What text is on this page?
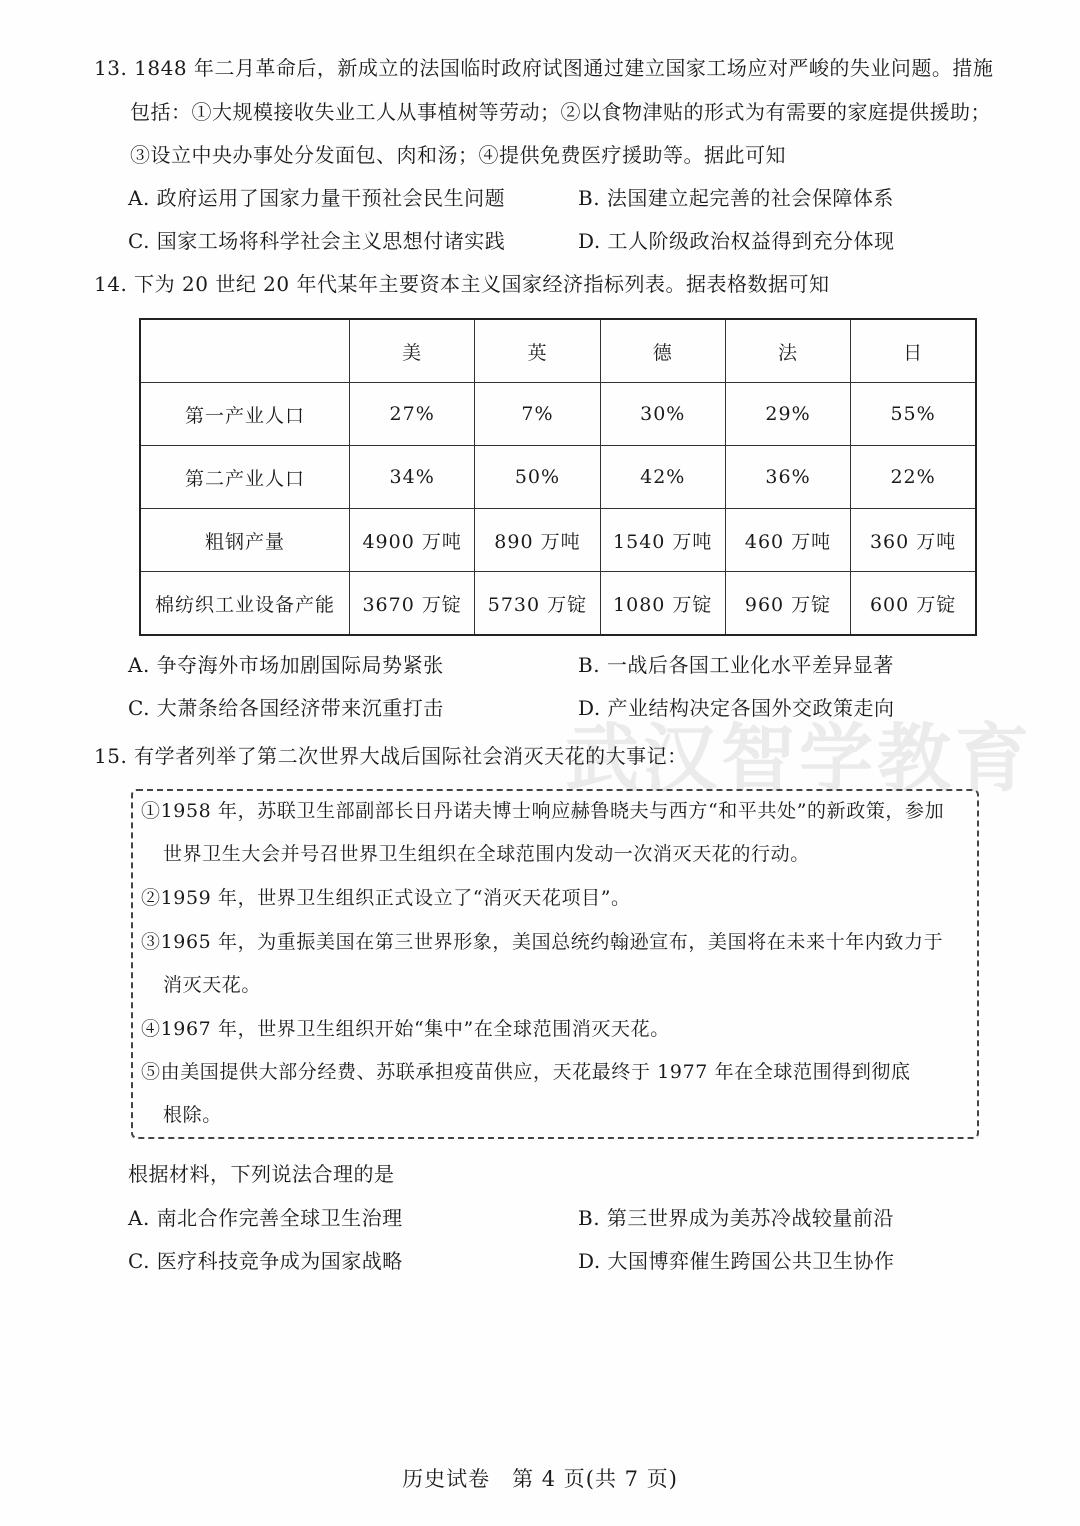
13. 1848 年二月革命后，新成立的法国临时政府试图通过建立国家工场应对严峻的失业问题。措施
包括：①大规模接收失业工人从事植树等劳动；②以食物津贴的形式为有需要的家庭提供援助；
③设立中央办事处分发面包、肉和汤；④提供免费医疗援助等。据此可知
A. 政府运用了国家力量干预社会民生问题	B. 法国建立起完善的社会保障体系
C. 国家工场将科学社会主义思想付诸实践	D. 工人阶级政治权益得到充分体现
14. 下为 20 世纪 20 年代某年主要资本主义国家经济指标列表。据表格数据可知
	美	英	德	法	日
第一产业人口	27%	7%	30%	29%	55%
第二产业人口	34%	50%	42%	36%	22%
粗钢产量	4900 万吨	890 万吨	1540 万吨	460 万吨	360 万吨
棉纺织工业设备产能	3670 万锭	5730 万锭	1080 万锭	960 万锭	600 万锭
A. 争夺海外市场加剧国际局势紧张	B. 一战后各国工业化水平差异显著
C. 大萧条给各国经济带来沉重打击	D. 产业结构决定各国外交政策走向
武汉智学教育
15. 有学者列举了第二次世界大战后国际社会消灭天花的大事记：
①1958 年，苏联卫生部副部长日丹诺夫博士响应赫鲁晓夫与西方“和平共处”的新政策，参加
世界卫生大会并号召世界卫生组织在全球范围内发动一次消灭天花的行动。
②1959 年，世界卫生组织正式设立了“消灭天花项目”。
③1965 年，为重振美国在第三世界形象，美国总统约翰逊宣布，美国将在未来十年内致力于
消灭天花。
④1967 年，世界卫生组织开始“集中”在全球范围消灭天花。
⑤由美国提供大部分经费、苏联承担疫苗供应，天花最终于 1977 年在全球范围得到彻底
根除。
根据材料，下列说法合理的是
A. 南北合作完善全球卫生治理	B. 第三世界成为美苏冷战较量前沿
C. 医疗科技竞争成为国家战略	D. 大国博弈催生跨国公共卫生协作
历史试卷　第 4 页(共 7 页)
